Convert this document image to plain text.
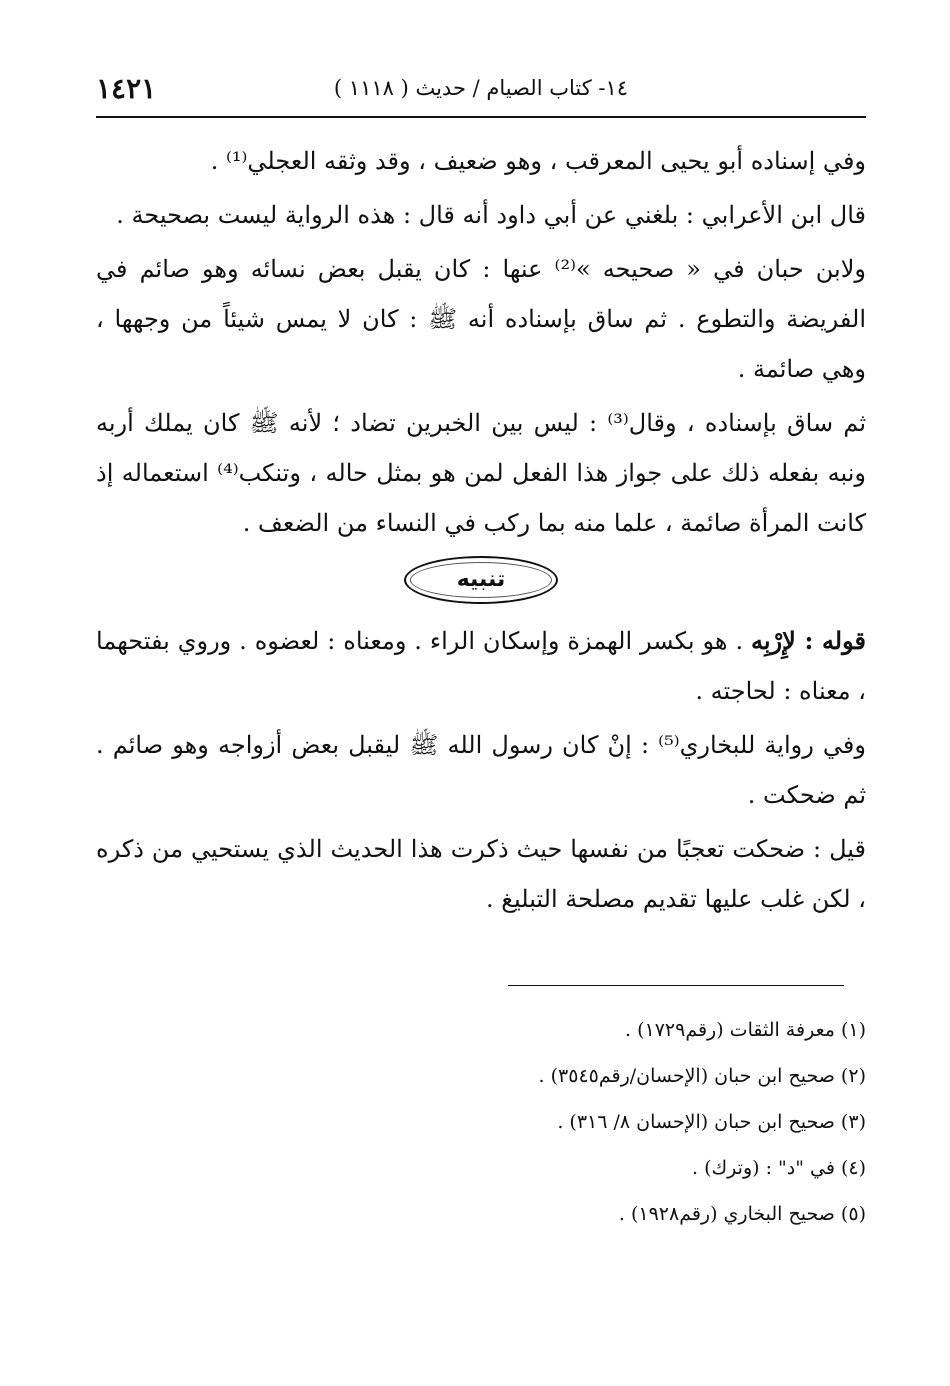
١٤٢١	١٤- كتاب الصيام / حديث ( ١١١٨ )

وفي إسناده أبو يحيى المعرقب ، وهو ضعيف ، وقد وثقه العجلي⁽¹⁾ .

قال ابن الأعرابي : بلغني عن أبي داود أنه قال : هذه الرواية ليست بصحيحة .

ولابن حبان في « صحيحه »⁽²⁾ عنها : كان يقبل بعض نسائه وهو صائم في الفريضة والتطوع . ثم ساق بإسناده أنه ﷺ : كان لا يمس شيئاً من وجهها ، وهي صائمة .

ثم ساق بإسناده ، وقال⁽³⁾ : ليس بين الخبرين تضاد ؛ لأنه ﷺ كان يملك أربه ونبه بفعله ذلك على جواز هذا الفعل لمن هو بمثل حاله ، وتنكب⁽⁴⁾ استعماله إذ كانت المرأة صائمة ، علما منه بما ركب في النساء من الضعف .

تنبيه

قوله : لإِرْبِه . هو بكسر الهمزة وإسكان الراء . ومعناه : لعضوه . وروي بفتحهما ، معناه : لحاجته .

وفي رواية للبخاري⁽⁵⁾ : إنْ كان رسول الله ﷺ ليقبل بعض أزواجه وهو صائم . ثم ضحكت .

قيل : ضحكت تعجبًا من نفسها حيث ذكرت هذا الحديث الذي يستحيي من ذكره ، لكن غلب عليها تقديم مصلحة التبليغ .

(١) معرفة الثقات (رقم١٧٢٩) .
(٢) صحيح ابن حبان (الإحسان/رقم٣٥٤٥) .
(٣) صحيح ابن حبان (الإحسان ٨/ ٣١٦) .
(٤) في "د" : (وترك) .
(٥) صحيح البخاري (رقم١٩٢٨) .
